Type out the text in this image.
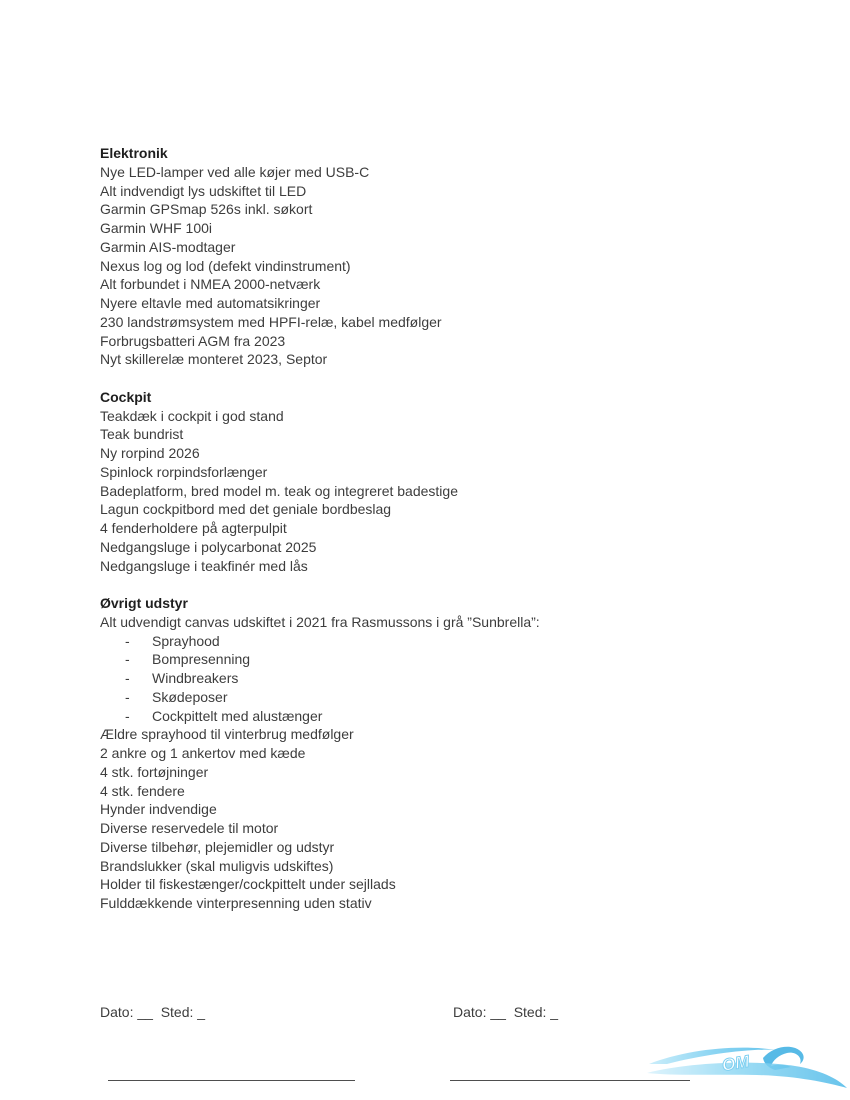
Elektronik
Nye LED-lamper ved alle køjer med USB-C
Alt indvendigt lys udskiftet til LED
Garmin GPSmap 526s inkl. søkort
Garmin WHF 100i
Garmin AIS-modtager
Nexus log og lod (defekt vindinstrument)
Alt forbundet i NMEA 2000-netværk
Nyere eltavle med automatsikringer
230 landstrømsystem med HPFI-relæ, kabel medfølger
Forbrugsbatteri AGM fra 2023
Nyt skillerelæ monteret 2023, Septor
Cockpit
Teakdæk i cockpit i god stand
Teak bundrist
Ny rorpind 2026
Spinlock rorpindsforlænger
Badeplatform, bred model m. teak og integreret badestige
Lagun cockpitbord med det geniale bordbeslag
4 fenderholdere på agterpulpit
Nedgangsluge i polycarbonat 2025
Nedgangsluge i teakfinér med lås
Øvrigt udstyr
Alt udvendigt canvas udskiftet i 2021 fra Rasmussons i grå ”Sunbrella”:
- Sprayhood
- Bompresenning
- Windbreakers
- Skødeposer
- Cockpittelt med alustænger
Ældre sprayhood til vinterbrug medfølger
2 ankre og 1 ankertov med kæde
4 stk. fortøjninger
4 stk. fendere
Hynder indvendige
Diverse reservedele til motor
Diverse tilbehør, plejemidler og udstyr
Brandslukker (skal muligvis udskiftes)
Holder til fiskestænger/cockpittelt under sejllads
Fulddækkende vinterpresenning uden stativ
Dato: __  Sted: _	Dato: __  Sted: _
OM
